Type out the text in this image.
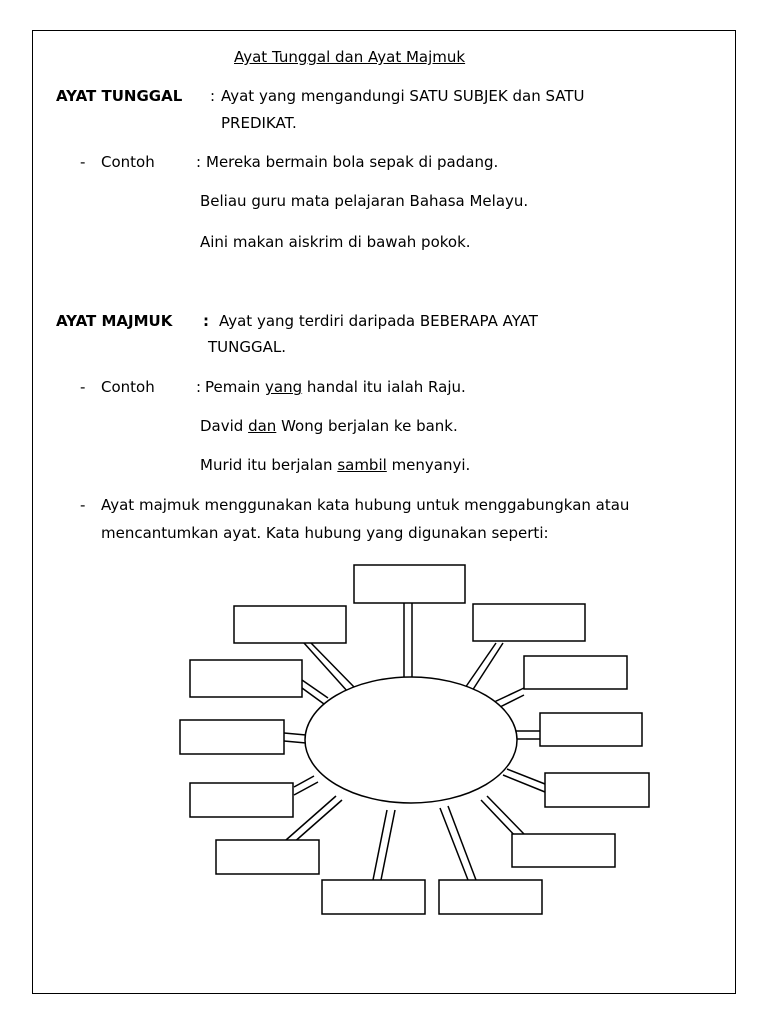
Ayat Tunggal dan Ayat Majmuk
AYAT TUNGGAL : Ayat yang mengandungi SATU SUBJEK dan SATU
PREDIKAT.
- Contoh	: Mereka bermain bola sepak di padang.
Beliau guru mata pelajaran Bahasa Melayu.
Aini makan aiskrim di bawah pokok.
AYAT MAJMUK : Ayat yang terdiri daripada BEBERAPA AYAT
TUNGGAL.
- Contoh	: Pemain yang handal itu ialah Raju.
David dan Wong berjalan ke bank.
Murid itu berjalan sambil menyanyi.
- Ayat majmuk menggunakan kata hubung untuk menggabungkan atau
mencantumkan ayat. Kata hubung yang digunakan seperti:
